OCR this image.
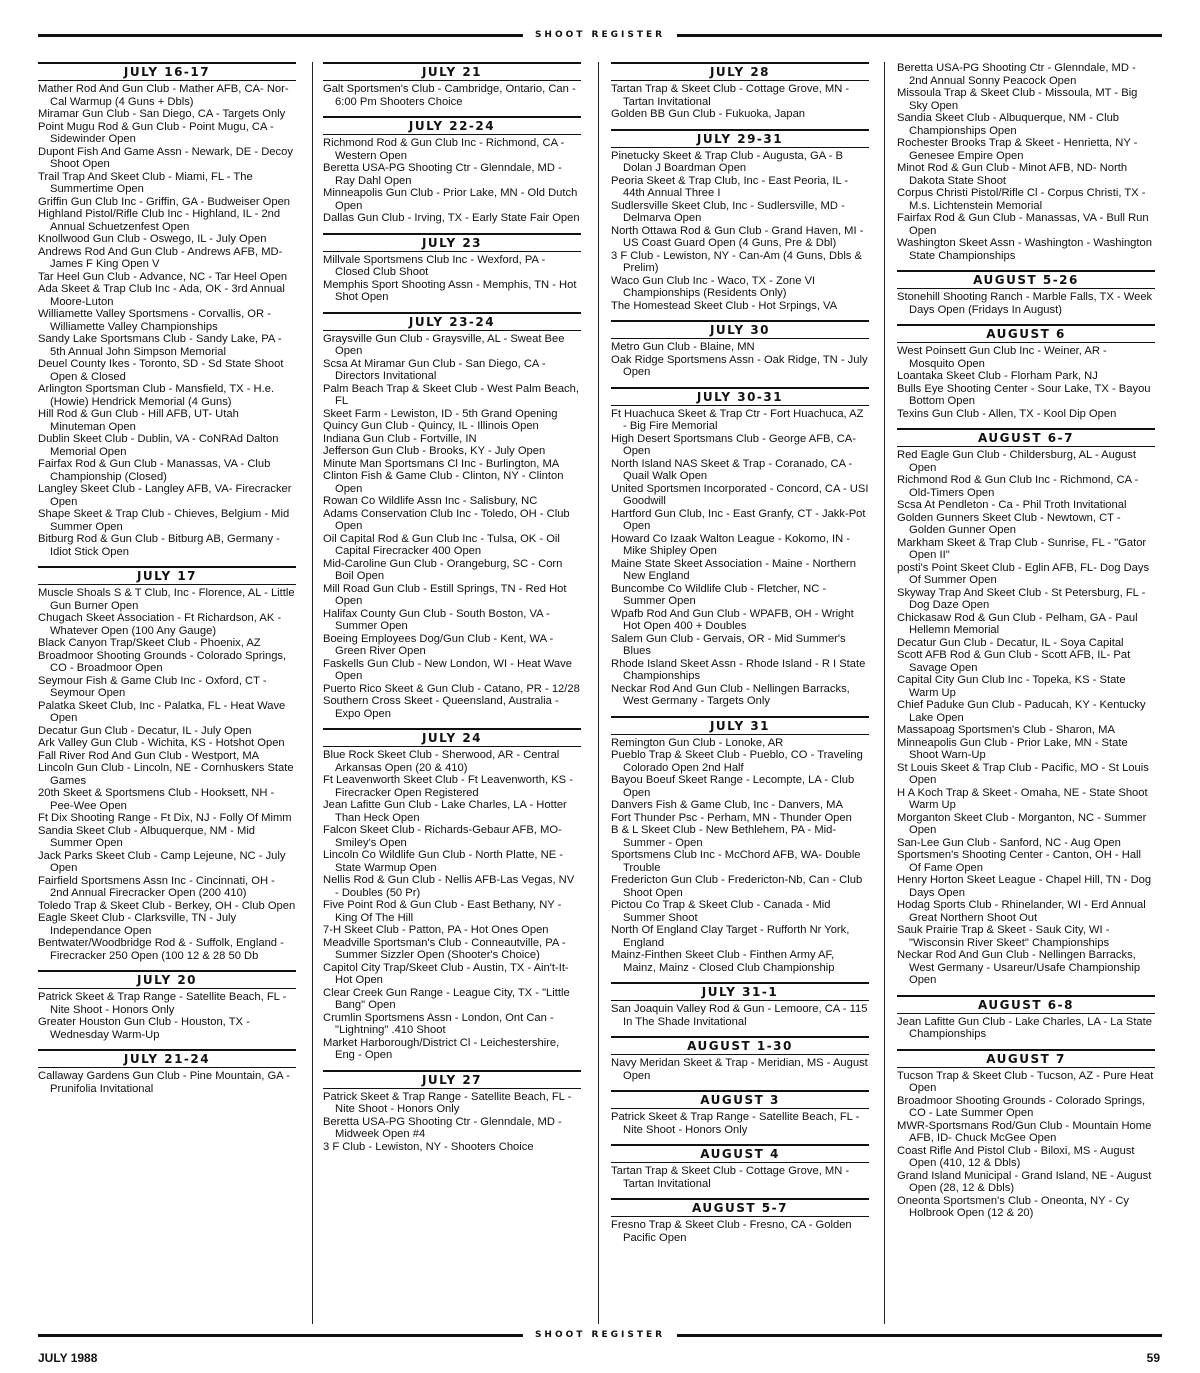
SHOOT REGISTER
JULY 16-17
Mather Rod And Gun Club - Mather AFB, CA- Nor-Cal Warmup (4 Guns + Dbls)
Miramar Gun Club - San Diego, CA - Targets Only
Point Mugu Rod & Gun Club - Point Mugu, CA - Sidewinder Open
Dupont Fish And Game Assn - Newark, DE - Decoy Shoot Open
Trail Trap And Skeet Club - Miami, FL - The Summertime Open
Griffin Gun Club Inc - Griffin, GA - Budweiser Open
Highland Pistol/Rifle Club Inc - Highland, IL - 2nd Annual Schuetzenfest Open
Knollwood Gun Club - Oswego, IL - July Open
Andrews Rod And Gun Club - Andrews AFB, MD- James F King Open V
Tar Heel Gun Club - Advance, NC - Tar Heel Open
Ada Skeet & Trap Club Inc - Ada, OK - 3rd Annual Moore-Luton
Williamette Valley Sportsmens - Corvallis, OR - Williamette Valley Championships
Sandy Lake Sportsmans Club - Sandy Lake, PA - 5th Annual John Simpson Memorial
Deuel County Ikes - Toronto, SD - Sd State Shoot Open & Closed
Arlington Sportsman Club - Mansfield, TX - H.e. (Howie) Hendrick Memorial (4 Guns)
Hill Rod & Gun Club - Hill AFB, UT- Utah Minuteman Open
Dublin Skeet Club - Dublin, VA - CoNRAd Dalton Memorial Open
Fairfax Rod & Gun Club - Manassas, VA - Club Championship (Closed)
Langley Skeet Club - Langley AFB, VA- Firecracker Open
Shape Skeet & Trap Club - Chieves, Belgium - Mid Summer Open
Bitburg Rod & Gun Club - Bitburg AB, Germany - Idiot Stick Open
JULY 17
Muscle Shoals S & T Club, Inc - Florence, AL - Little Gun Burner Open
Chugach Skeet Association - Ft Richardson, AK - Whatever Open (100 Any Gauge)
Black Canyon Trap/Skeet Club - Phoenix, AZ
Broadmoor Shooting Grounds - Colorado Springs, CO - Broadmoor Open
Seymour Fish & Game Club Inc - Oxford, CT - Seymour Open
Palatka Skeet Club, Inc - Palatka, FL - Heat Wave Open
Decatur Gun Club - Decatur, IL - July Open
Ark Valley Gun Club - Wichita, KS - Hotshot Open
Fall River Rod And Gun Club - Westport, MA
Lincoln Gun Club - Lincoln, NE - Cornhuskers State Games
20th Skeet & Sportsmens Club - Hooksett, NH - Pee-Wee Open
Ft Dix Shooting Range - Ft Dix, NJ - Folly Of Mimm
Sandia Skeet Club - Albuquerque, NM - Mid Summer Open
Jack Parks Skeet Club - Camp Lejeune, NC - July Open
Fairfield Sportsmens Assn Inc - Cincinnati, OH - 2nd Annual Firecracker Open (200 410)
Toledo Trap & Skeet Club - Berkey, OH - Club Open
Eagle Skeet Club - Clarksville, TN - July Independance Open
Bentwater/Woodbridge Rod & - Suffolk, England - Firecracker 250 Open (100 12 & 28 50 Db
JULY 20
Patrick Skeet & Trap Range - Satellite Beach, FL - Nite Shoot - Honors Only
Greater Houston Gun Club - Houston, TX - Wednesday Warm-Up
JULY 21-24
Callaway Gardens Gun Club - Pine Mountain, GA - Prunifolia Invitational
JULY 21
Galt Sportsmen's Club - Cambridge, Ontario, Can - 6:00 Pm Shooters Choice
JULY 22-24
Richmond Rod & Gun Club Inc - Richmond, CA - Western Open
Beretta USA-PG Shooting Ctr - Glenndale, MD - Ray Dahl Open
Minneapolis Gun Club - Prior Lake, MN - Old Dutch Open
Dallas Gun Club - Irving, TX - Early State Fair Open
JULY 23
Millvale Sportsmens Club Inc - Wexford, PA - Closed Club Shoot
Memphis Sport Shooting Assn - Memphis, TN - Hot Shot Open
JULY 23-24
Graysville Gun Club - Graysville, AL - Sweat Bee Open
Scsa At Miramar Gun Club - San Diego, CA - Directors Invitational
Palm Beach Trap & Skeet Club - West Palm Beach, FL
Skeet Farm - Lewiston, ID - 5th Grand Opening
Quincy Gun Club - Quincy, IL - Illinois Open
Indiana Gun Club - Fortville, IN
Jefferson Gun Club - Brooks, KY - July Open
Minute Man Sportsmans Cl Inc - Burlington, MA
Clinton Fish & Game Club - Clinton, NY - Clinton Open
Rowan Co Wildlife Assn Inc - Salisbury, NC
Adams Conservation Club Inc - Toledo, OH - Club Open
Oil Capital Rod & Gun Club Inc - Tulsa, OK - Oil Capital Firecracker 400 Open
Mid-Caroline Gun Club - Orangeburg, SC - Corn Boil Open
Mill Road Gun Club - Estill Springs, TN - Red Hot Open
Halifax County Gun Club - South Boston, VA - Summer Open
Boeing Employees Dog/Gun Club - Kent, WA - Green River Open
Faskells Gun Club - New London, WI - Heat Wave Open
Puerto Rico Skeet & Gun Club - Catano, PR - 12/28
Southern Cross Skeet - Queensland, Australia - Expo Open
JULY 24
Blue Rock Skeet Club - Sherwood, AR - Central Arkansas Open (20 & 410)
Ft Leavenworth Skeet Club - Ft Leavenworth, KS - Firecracker Open Registered
Jean Lafitte Gun Club - Lake Charles, LA - Hotter Than Heck Open
Falcon Skeet Club - Richards-Gebaur AFB, MO- Smiley's Open
Lincoln Co Wildlife Gun Club - North Platte, NE - State Warmup Open
Nellis Rod & Gun Club - Nellis AFB-Las Vegas, NV - Doubles (50 Pr)
Five Point Rod & Gun Club - East Bethany, NY - King Of The Hill
7-H Skeet Club - Patton, PA - Hot Ones Open
Meadville Sportsman's Club - Conneautville, PA - Summer Sizzler Open (Shooter's Choice)
Capitol City Trap/Skeet Club - Austin, TX - Ain't-It-Hot Open
Clear Creek Gun Range - League City, TX - "Little Bang" Open
Crumlin Sportsmens Assn - London, Ont Can - "Lightning" .410 Shoot
Market Harborough/District Cl - Leichestershire, Eng - Open
JULY 27
Patrick Skeet & Trap Range - Satellite Beach, FL - Nite Shoot - Honors Only
Beretta USA-PG Shooting Ctr - Glenndale, MD - Midweek Open #4
3 F Club - Lewiston, NY - Shooters Choice
JULY 28
Tartan Trap & Skeet Club - Cottage Grove, MN - Tartan Invitational
Golden BB Gun Club - Fukuoka, Japan
JULY 29-31
Pinetucky Skeet & Trap Club - Augusta, GA - B Dolan J Boardman Open
Peoria Skeet & Trap Club, Inc - East Peoria, IL - 44th Annual Three I
Sudlersville Skeet Club, Inc - Sudlersville, MD - Delmarva Open
North Ottawa Rod & Gun Club - Grand Haven, MI - US Coast Guard Open (4 Guns, Pre & Dbl)
3 F Club - Lewiston, NY - Can-Am (4 Guns, Dbls & Prelim)
Waco Gun Club Inc - Waco, TX - Zone VI Championships (Residents Only)
The Homestead Skeet Club - Hot Srpings, VA
JULY 30
Metro Gun Club - Blaine, MN
Oak Ridge Sportsmens Assn - Oak Ridge, TN - July Open
JULY 30-31
Ft Huachuca Skeet & Trap Ctr - Fort Huachuca, AZ - Big Fire Memorial
High Desert Sportsmans Club - George AFB, CA- Open
North Island NAS Skeet & Trap - Coranado, CA - Quail Walk Open
United Sportsmen Incorporated - Concord, CA - USI Goodwill
Hartford Gun Club, Inc - East Granfy, CT - Jakk-Pot Open
Howard Co Izaak Walton League - Kokomo, IN - Mike Shipley Open
Maine State Skeet Association - Maine - Northern New England
Buncombe Co Wildlife Club - Fletcher, NC - Summer Open
Wpafb Rod And Gun Club - WPAFB, OH - Wright Hot Open 400 + Doubles
Salem Gun Club - Gervais, OR - Mid Summer's Blues
Rhode Island Skeet Assn - Rhode Island - R I State Championships
Neckar Rod And Gun Club - Nellingen Barracks, West Germany - Targets Only
JULY 31
Remington Gun Club - Lonoke, AR
Pueblo Trap & Skeet Club - Pueblo, CO - Traveling Colorado Open 2nd Half
Bayou Boeuf Skeet Range - Lecompte, LA - Club Open
Danvers Fish & Game Club, Inc - Danvers, MA
Fort Thunder Psc - Perham, MN - Thunder Open
B & L Skeet Club - New Bethlehem, PA - Mid-Summer - Open
Sportsmens Club Inc - McChord AFB, WA- Double Trouble
Fredericton Gun Club - Fredericton-Nb, Can - Club Shoot Open
Pictou Co Trap & Skeet Club - Canada - Mid Summer Shoot
North Of England Clay Target - Rufforth Nr York, England
Mainz-Finthen Skeet Club - Finthen Army AF, Mainz, Mainz - Closed Club Championship
JULY 31-1
San Joaquin Valley Rod & Gun - Lemoore, CA - 115 In The Shade Invitational
AUGUST 1-30
Navy Meridan Skeet & Trap - Meridian, MS - August Open
AUGUST 3
Patrick Skeet & Trap Range - Satellite Beach, FL - Nite Shoot - Honors Only
AUGUST 4
Tartan Trap & Skeet Club - Cottage Grove, MN - Tartan Invitational
AUGUST 5-7
Fresno Trap & Skeet Club - Fresno, CA - Golden Pacific Open
Beretta USA-PG Shooting Ctr - Glenndale, MD - 2nd Annual Sonny Peacock Open
Missoula Trap & Skeet Club - Missoula, MT - Big Sky Open
Sandia Skeet Club - Albuquerque, NM - Club Championships Open
Rochester Brooks Trap & Skeet - Henrietta, NY - Genesee Empire Open
Minot Rod & Gun Club - Minot AFB, ND- North Dakota State Shoot
Corpus Christi Pistol/Rifle Cl - Corpus Christi, TX - M.s. Lichtenstein Memorial
Fairfax Rod & Gun Club - Manassas, VA - Bull Run Open
Washington Skeet Assn - Washington - Washington State Championships
AUGUST 5-26
Stonehill Shooting Ranch - Marble Falls, TX - Week Days Open (Fridays In August)
AUGUST 6
West Poinsett Gun Club Inc - Weiner, AR - Mosquito Open
Loantaka Skeet Club - Florham Park, NJ
Bulls Eye Shooting Center - Sour Lake, TX - Bayou Bottom Open
Texins Gun Club - Allen, TX - Kool Dip Open
AUGUST 6-7
Red Eagle Gun Club - Childersburg, AL - August Open
Richmond Rod & Gun Club Inc - Richmond, CA - Old-Timers Open
Scsa At Pendleton - Ca - Phil Troth Invitational
Golden Gunners Skeet Club - Newtown, CT - Golden Gunner Open
Markham Skeet & Trap Club - Sunrise, FL - "Gator Open II"
posti's Point Skeet Club - Eglin AFB, FL- Dog Days Of Summer Open
Skyway Trap And Skeet Club - St Petersburg, FL - Dog Daze Open
Chickasaw Rod & Gun Club - Pelham, GA - Paul Hellemn Memorial
Decatur Gun Club - Decatur, IL - Soya Capital
Scott AFB Rod & Gun Club - Scott AFB, IL- Pat Savage Open
Capital City Gun Club Inc - Topeka, KS - State Warm Up
Chief Paduke Gun Club - Paducah, KY - Kentucky Lake Open
Massapoag Sportsmen's Club - Sharon, MA
Minneapolis Gun Club - Prior Lake, MN - State Shoot Warn-Up
St Louis Skeet & Trap Club - Pacific, MO - St Louis Open
H A Koch Trap & Skeet - Omaha, NE - State Shoot Warm Up
Morganton Skeet Club - Morganton, NC - Summer Open
San-Lee Gun Club - Sanford, NC - Aug Open
Sportsmen's Shooting Center - Canton, OH - Hall Of Fame Open
Henry Horton Skeet League - Chapel Hill, TN - Dog Days Open
Hodag Sports Club - Rhinelander, WI - Erd Annual Great Northern Shoot Out
Sauk Prairie Trap & Skeet - Sauk City, WI - "Wisconsin River Skeet" Championships
Neckar Rod And Gun Club - Nellingen Barracks, West Germany - Usareur/Usafe Championship Open
AUGUST 6-8
Jean Lafitte Gun Club - Lake Charles, LA - La State Championships
AUGUST 7
Tucson Trap & Skeet Club - Tucson, AZ - Pure Heat Open
Broadmoor Shooting Grounds - Colorado Springs, CO - Late Summer Open
MWR-Sportsmans Rod/Gun Club - Mountain Home AFB, ID- Chuck McGee Open
Coast Rifle And Pistol Club - Biloxi, MS - August Open (410, 12 & Dbls)
Grand Island Municipal - Grand Island, NE - August Open (28, 12 & Dbls)
Oneonta Sportsmen's Club - Oneonta, NY - Cy Holbrook Open (12 & 20)
SHOOT REGISTER
JULY 1988	59
